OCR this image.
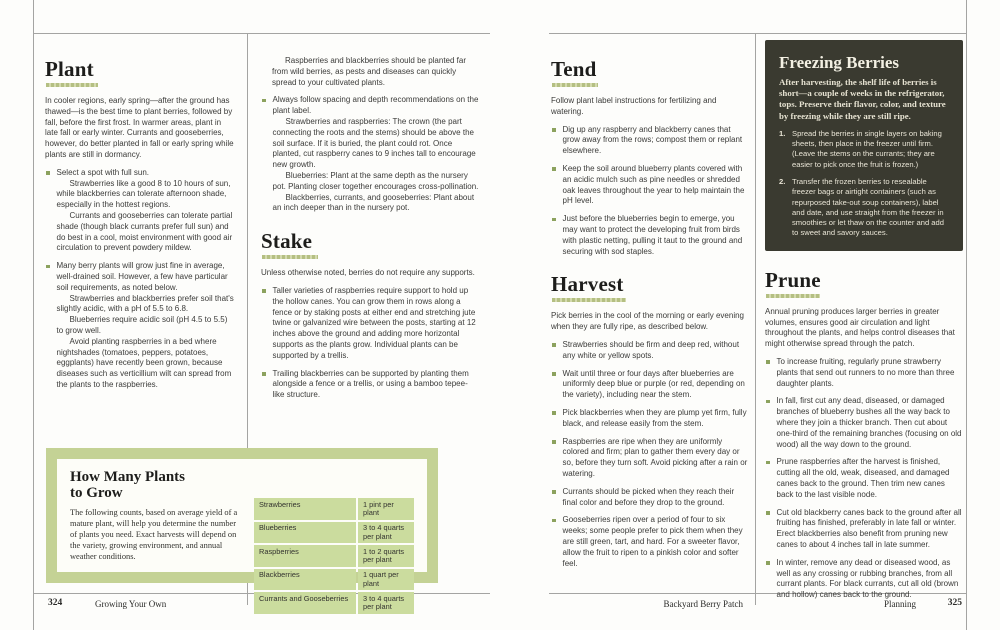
Plant

In cooler regions, early spring—after the ground has thawed—is the best time to plant berries, followed by fall, before the first frost. In warmer areas, plant in late fall or early winter. Currants and gooseberries, however, do better planted in fall or early spring while plants are still in dormancy.

Select a spot with full sun.

Strawberries like a good 8 to 10 hours of sun, while blackberries can tolerate afternoon shade, especially in the hottest regions.

Currants and gooseberries can tolerate partial shade (though black currants prefer full sun) and do best in a cool, moist environment with good air circulation to prevent powdery mildew.

Many berry plants will grow just fine in average, well-drained soil. However, a few have particular soil requirements, as noted below.

Strawberries and blackberries prefer soil that's slightly acidic, with a pH of 5.5 to 6.8.

Blueberries require acidic soil (pH 4.5 to 5.5) to grow well.

Avoid planting raspberries in a bed where nightshades (tomatoes, peppers, potatoes, eggplants) have recently been grown, because diseases such as verticillium wilt can spread from the plants to the raspberries.

Raspberries and blackberries should be planted far from wild berries, as pests and diseases can quickly spread to your cultivated plants.

Always follow spacing and depth recommendations on the plant label.

Strawberries and raspberries: The crown (the part connecting the roots and the stems) should be above the soil surface. If it is buried, the plant could rot. Once planted, cut raspberry canes to 9 inches tall to encourage new growth.

Blueberries: Plant at the same depth as the nursery pot. Planting closer together encourages cross-pollination.

Blackberries, currants, and gooseberries: Plant about an inch deeper than in the nursery pot.

Stake

Unless otherwise noted, berries do not require any supports.

Taller varieties of raspberries require support to hold up the hollow canes. You can grow them in rows along a fence or by staking posts at either end and stretching jute twine or galvanized wire between the posts, starting at 12 inches above the ground and adding more horizontal supports as the plants grow. Individual plants can be supported by a trellis.

Trailing blackberries can be supported by planting them alongside a fence or a trellis, or using a bamboo tepee-like structure.

How Many Plants
to Grow

The following counts, based on average yield of a mature plant, will help you determine the number of plants you need. Exact harvests will depend on the variety, growing environment, and annual weather conditions.

Strawberries	1 pint per plant
Blueberries	3 to 4 quarts per plant
Raspberries	1 to 2 quarts per plant
Blackberries	1 quart per plant
Currants and Gooseberries	3 to 4 quarts per plant
Tend

Follow plant label instructions for fertilizing and watering.

Dig up any raspberry and blackberry canes that grow away from the rows; compost them or replant elsewhere.

Keep the soil around blueberry plants covered with an acidic mulch such as pine needles or shredded oak leaves throughout the year to help maintain the pH level.

Just before the blueberries begin to emerge, you may want to protect the developing fruit from birds with plastic netting, pulling it taut to the ground and securing with sod staples.

Harvest

Pick berries in the cool of the morning or early evening when they are fully ripe, as described below.

Strawberries should be firm and deep red, without any white or yellow spots.

Wait until three or four days after blueberries are uniformly deep blue or purple (or red, depending on the variety), including near the stem.

Pick blackberries when they are plump yet firm, fully black, and release easily from the stem.

Raspberries are ripe when they are uniformly colored and firm; plan to gather them every day or so, before they turn soft. Avoid picking after a rain or watering.

Currants should be picked when they reach their final color and before they drop to the ground.

Gooseberries ripen over a period of four to six weeks; some people prefer to pick them when they are still green, tart, and hard. For a sweeter flavor, allow the fruit to ripen to a pinkish color and softer feel.

Freezing Berries

After harvesting, the shelf life of berries is short—a couple of weeks in the refrigerator, tops. Preserve their flavor, color, and texture by freezing while they are still ripe.

1. Spread the berries in single layers on baking sheets, then place in the freezer until firm. (Leave the stems on the currants; they are easier to pick once the fruit is frozen.)

2. Transfer the frozen berries to resealable freezer bags or airtight containers (such as repurposed take-out soup containers), label and date, and use straight from the freezer in smoothies or let thaw on the counter and add to sweet and savory sauces.

Prune

Annual pruning produces larger berries in greater volumes, ensures good air circulation and light throughout the plants, and helps control diseases that might otherwise spread through the patch.

To increase fruiting, regularly prune strawberry plants that send out runners to no more than three daughter plants.

In fall, first cut any dead, diseased, or damaged branches of blueberry bushes all the way back to where they join a thicker branch. Then cut about one-third of the remaining branches (focusing on old wood) all the way down to the ground.

Prune raspberries after the harvest is finished, cutting all the old, weak, diseased, and damaged canes back to the ground. Then trim new canes back to the last visible node.

Cut old blackberry canes back to the ground after all fruiting has finished, preferably in late fall or winter. Erect blackberries also benefit from pruning new canes to about 4 inches tall in late summer.

In winter, remove any dead or diseased wood, as well as any crossing or rubbing branches, from all currant plants. For black currants, cut all old (brown and hollow) canes back to the ground.

324	Growing Your Own	Backyard Berry Patch	Planning	325
